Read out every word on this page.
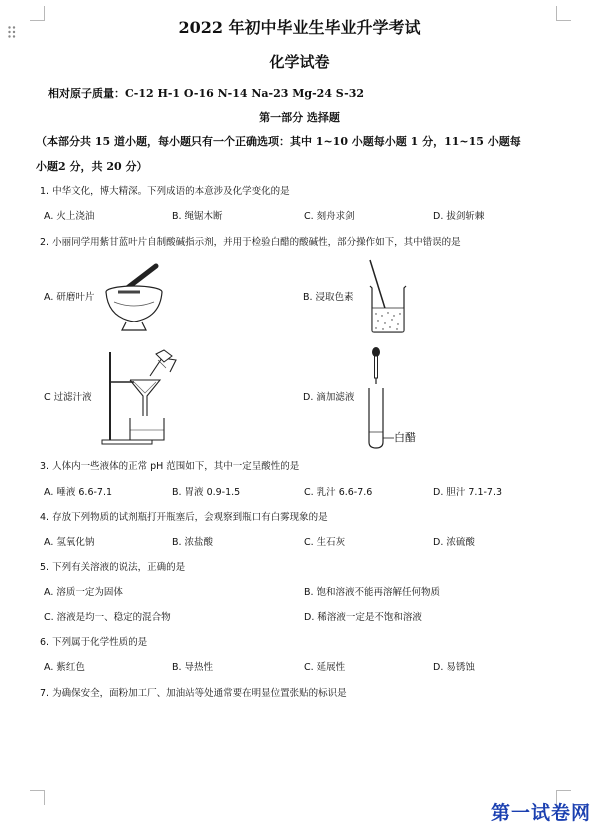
2022 年初中毕业生毕业升学考试
化学试卷
相对原子质量：C-12 H-1 O-16 N-14 Na-23 Mg-24 S-32
第一部分 选择题
（本部分共 15 道小题，每小题只有一个正确选项：其中 1~10 小题每小题 1 分，11~15 小题每
小题2 分，共 20 分）
1. 中华文化，博大精深。下列成语的本意涉及化学变化的是
A. 火上浇油	B. 绳锯木断	C. 刻舟求剑	D. 拔剑斩棘
2. 小丽同学用紫甘蓝叶片自制酸碱指示剂，并用于检验白醋的酸碱性，部分操作如下，其中错误的是
A. 研磨叶片	B. 浸取色素
C 过滤汁液	D. 滴加滤液
白醋
3. 人体内一些液体的正常 pH 范围如下，其中一定呈酸性的是
A. 唾液 6.6-7.1	B. 胃液 0.9-1.5	C. 乳汁 6.6-7.6	D. 胆汁 7.1-7.3
4. 存放下列物质的试剂瓶打开瓶塞后，会观察到瓶口有白雾现象的是
A. 氢氧化钠	B. 浓盐酸	C. 生石灰	D. 浓硫酸
5. 下列有关溶液的说法，正确的是
A. 溶质一定为固体	B. 饱和溶液不能再溶解任何物质
C. 溶液是均一、稳定的混合物	D. 稀溶液一定是不饱和溶液
6. 下列属于化学性质的是
A. 紫红色	B. 导热性	C. 延展性	D. 易锈蚀
7. 为确保安全，面粉加工厂、加油站等处通常要在明显位置张贴的标识是
第一试卷网
